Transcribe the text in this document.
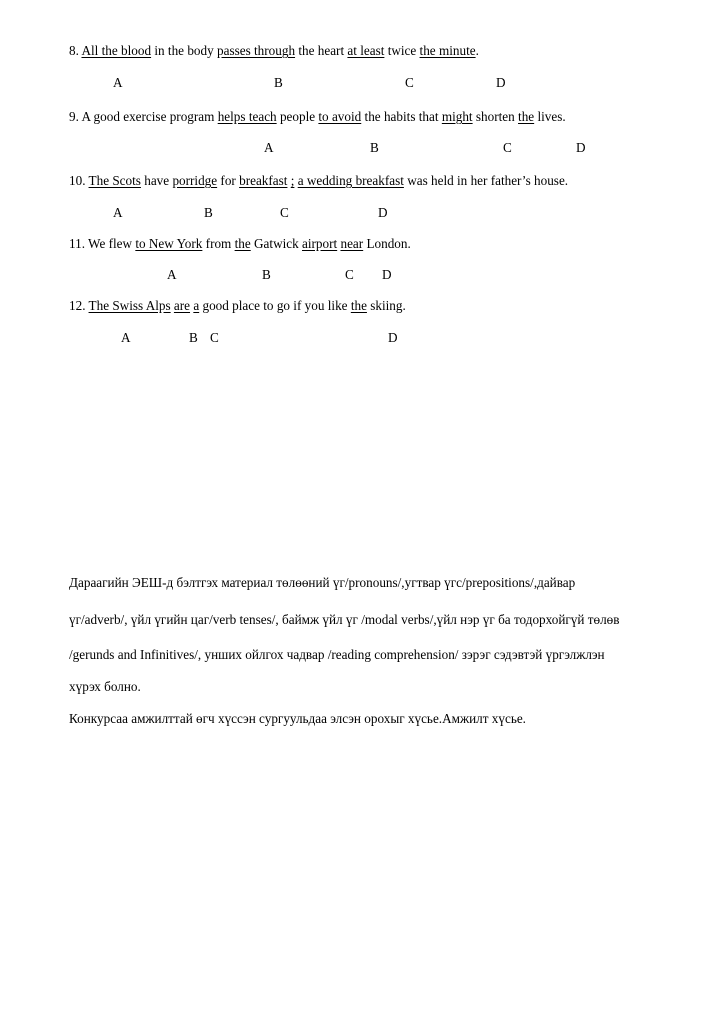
8. All the blood in the body passes through the heart at least twice the minute.
A	B	C	D
9. A good exercise program helps teach people to avoid the habits that might shorten the lives.
A	B	C	D
10. The Scots have porridge for breakfast ; a wedding breakfast was held in her father’s house.
A	B	C	D
11. We flew to New York from the Gatwick airport near London.
A	B	C D
12. The Swiss Alps are a good place to go if you like the skiing.
A	B C	D
Дараагийн ЭЕШ-д бэлтгэх материал төлөөний үг/pronouns/,угтвар үгс/prepositions/,дайвар
үг/adverb/, үйл үгийн цаг/verb tenses/, баймж үйл үг /modal verbs/,үйл нэр үг ба тодорхойгүй төлөв
/gerunds and Infinitives/, унших ойлгох чадвар /reading comprehension/ зэрэг сэдэвтэй үргэлжлэн
хүрэх болно.
Конкурсаа амжилттай өгч хүссэн сургуульдаа элсэн орохыг хүсье.Амжилт хүсье.
